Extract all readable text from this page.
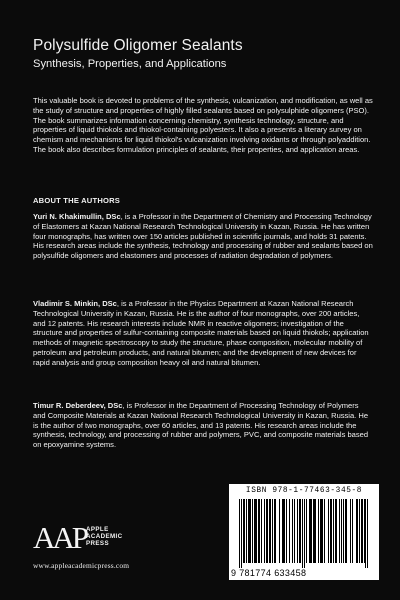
Polysulfide Oligomer Sealants
Synthesis, Properties, and Applications

This valuable book is devoted to problems of the synthesis, vulcanization, and modification, as well as the study of structure and properties of highly filled sealants based on polysulphide oligomers (PSO). The book summarizes information concerning chemistry, synthesis technology, structure, and properties of liquid thiokols and thiokol-containing polyesters. It also a presents a literary survey on chemism and mechanisms for liquid thiokol's vulcanization involving oxidants or through polyaddition. The book also describes formulation principles of sealants, their properties, and application areas.

ABOUT THE AUTHORS

Yuri N. Khakimullin, DSc, is a Professor in the Department of Chemistry and Processing Technology of Elastomers at Kazan National Research Technological University in Kazan, Russia. He has written four monographs, has written over 150 articles published in scientific journals, and holds 31 patents. His research areas include the synthesis, technology and processing of rubber and sealants based on polysulfide oligomers and elastomers and processes of radiation degradation of polymers.

Vladimir S. Minkin, DSc, is a Professor in the Physics Department at Kazan National Research Technological University in Kazan, Russia. He is the author of four monographs, over 200 articles, and 12 patents. His research interests include NMR in reactive oligomers; investigation of the structure and properties of sulfur-containing composite materials based on liquid thiokols; application methods of magnetic spectroscopy to study the structure, phase composition, molecular mobility of petroleum and petroleum products, and natural bitumen; and the development of new devices for rapid analysis and group composition heavy oil and natural bitumen.

Timur R. Deberdeev, DSc, is Professor in the Department of Processing Technology of Polymers and Composite Materials at Kazan National Research Technological University in Kazan, Russia. He is the author of two monographs, over 60 articles, and 13 patents. His research areas include the synthesis, technology, and processing of rubber and polymers, PVC, and composite materials based on epoxyamine systems.

AAP APPLE
ACADEMIC
PRESS
www.appleacademicpress.com
ISBN 978-1-77463-345-8
9 781774 633458
